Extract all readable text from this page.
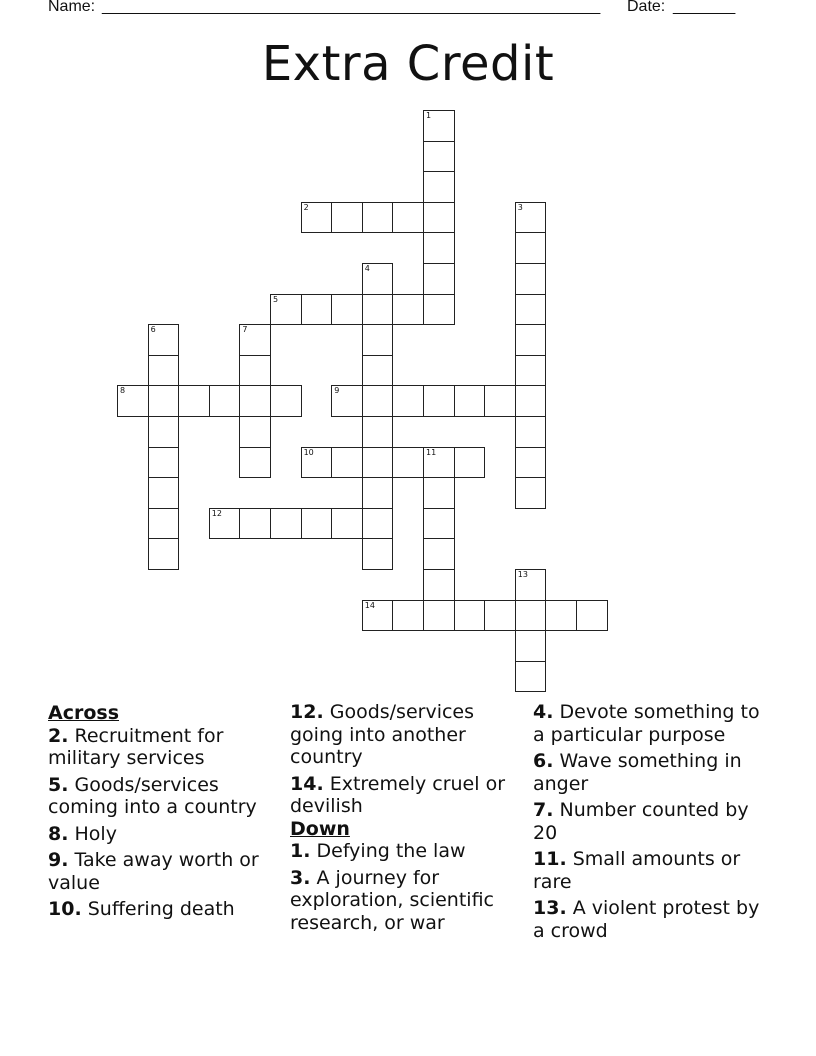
Name: ________________________________________________________ Date: _______
Extra Credit
1
2	3
4
5
6	7
8	9
10	11
12
13
14
Across
2. Recruitment for military services
5. Goods/services coming into a country
8. Holy
9. Take away worth or value
10. Suffering death
12. Goods/services going into another country
14. Extremely cruel or devilish
Down
1. Defying the law
3. A journey for exploration, scientific research, or war
4. Devote something to a particular purpose
6. Wave something in anger
7. Number counted by 20
11. Small amounts or rare
13. A violent protest by a crowd
